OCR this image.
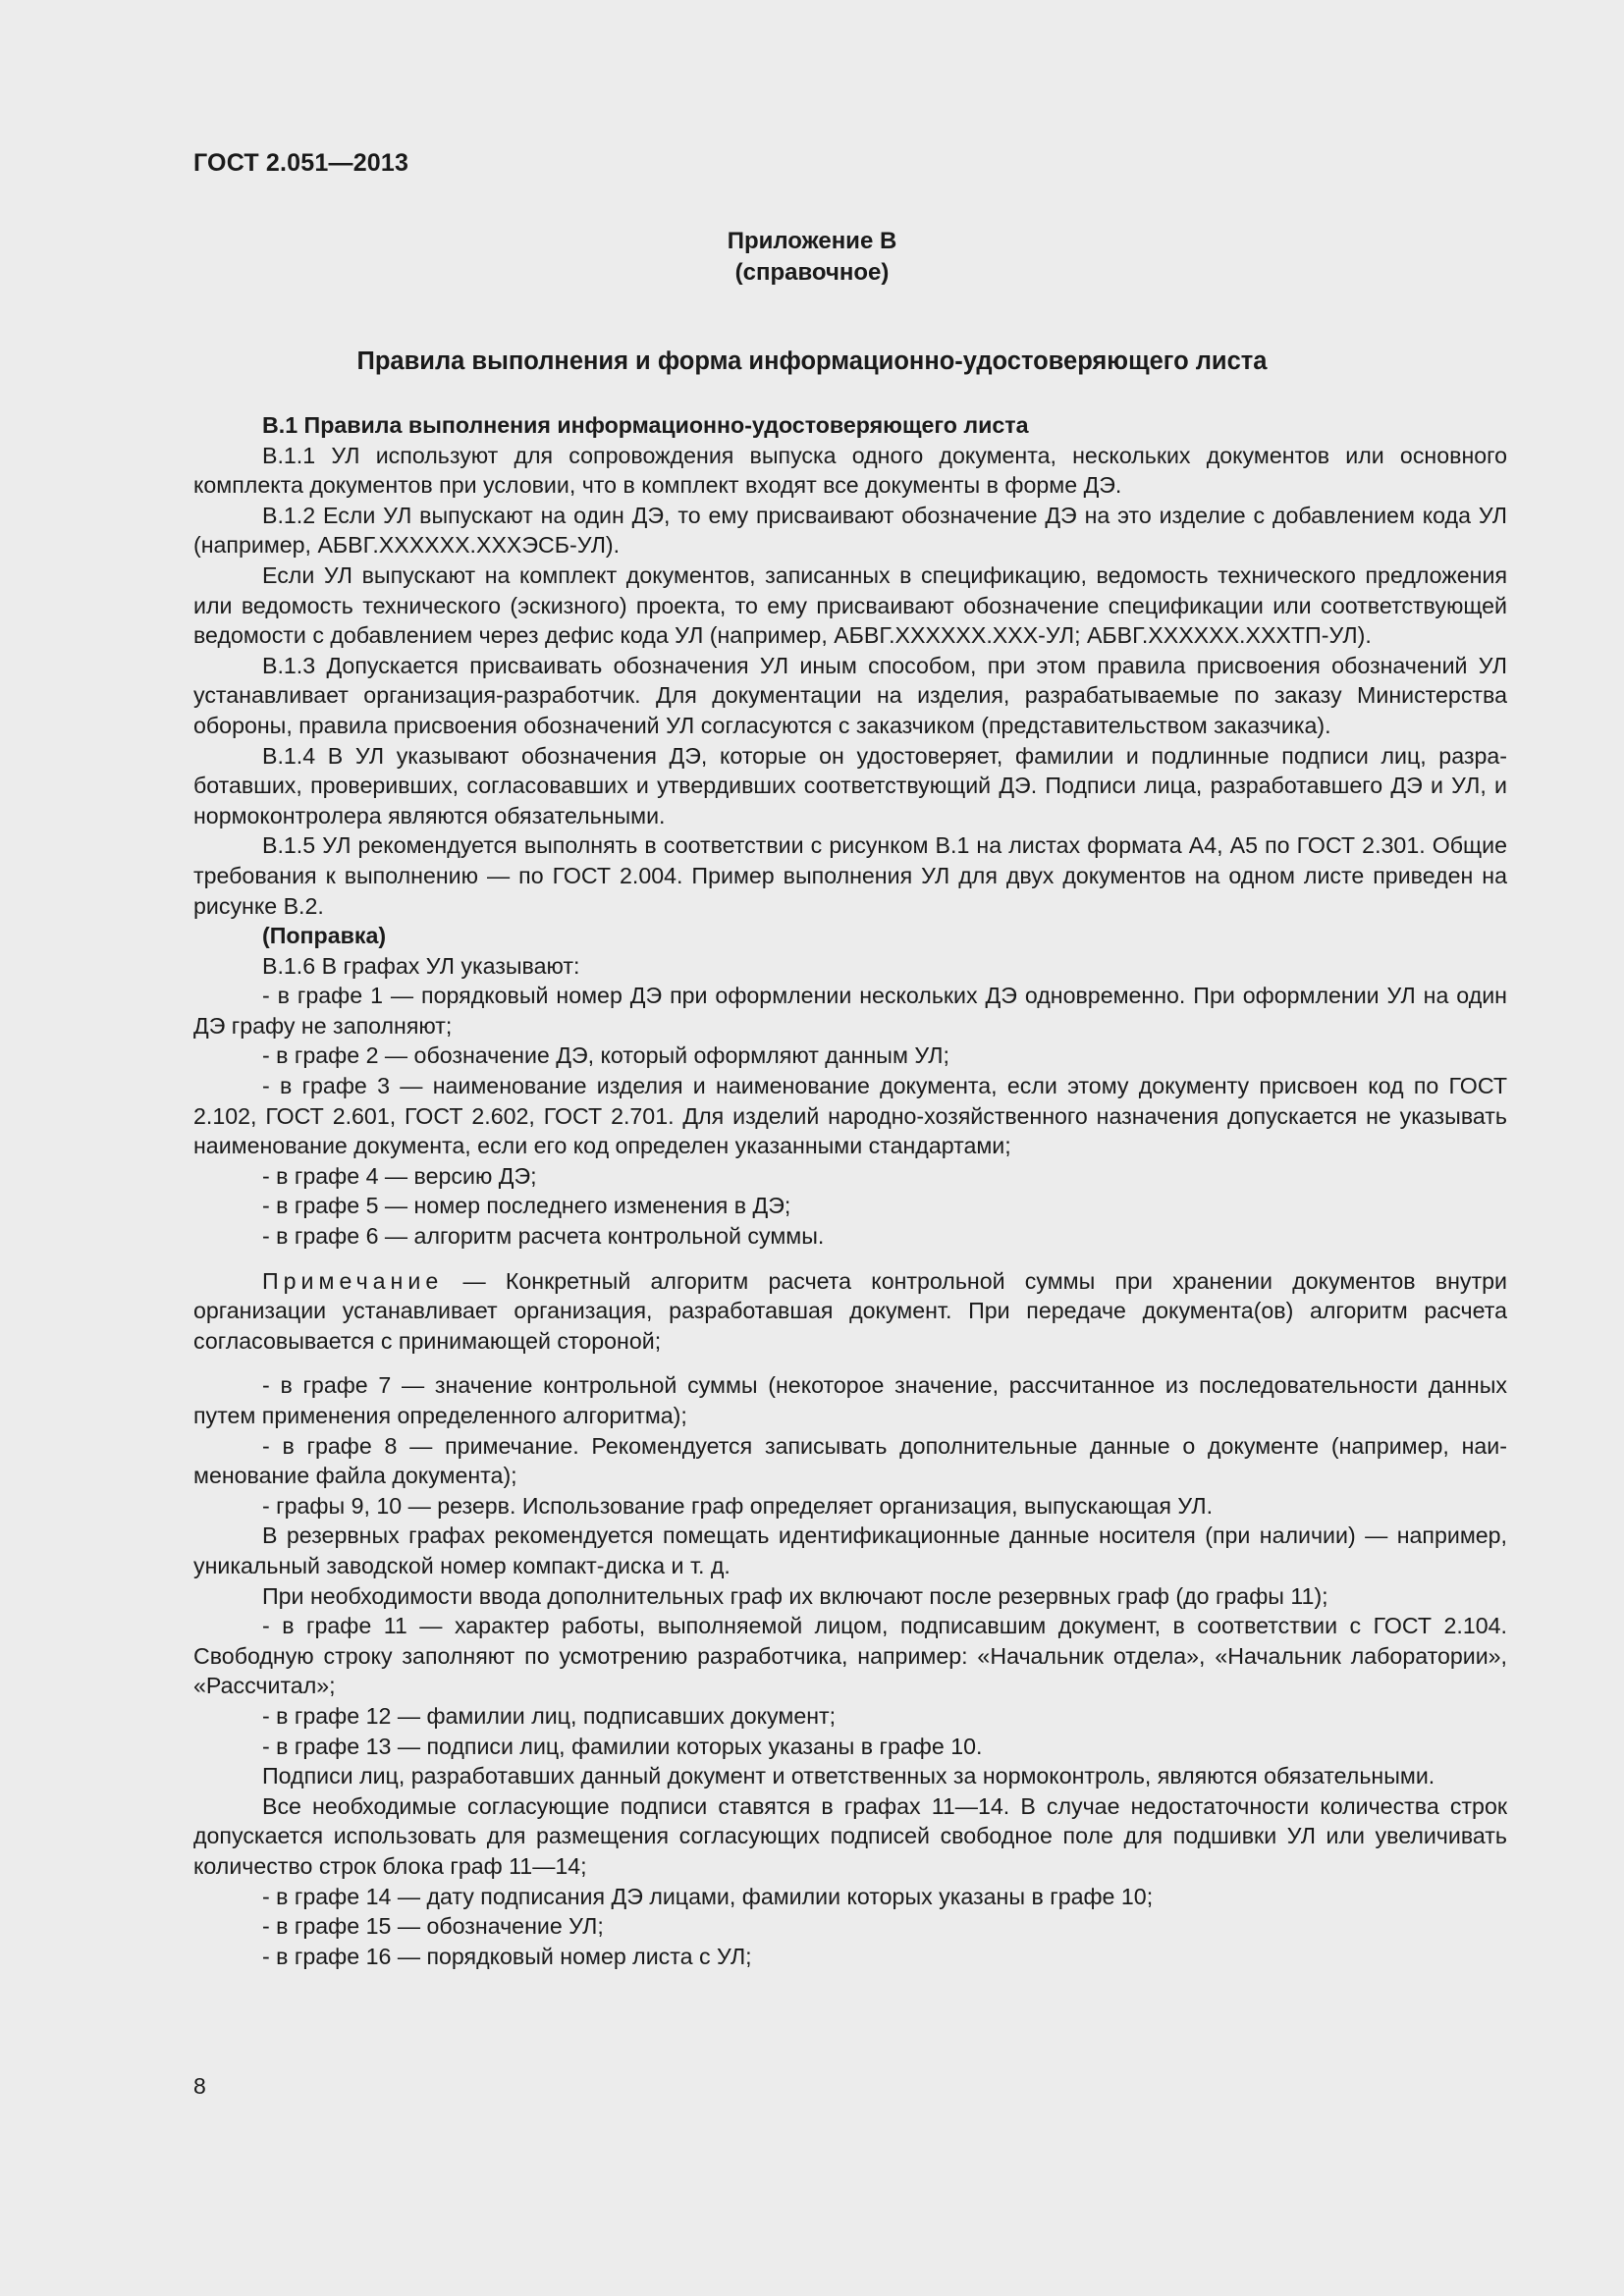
ГОСТ 2.051—2013
Приложение В
(справочное)
Правила выполнения и форма информационно-удостоверяющего листа

В.1 Правила выполнения информационно-удостоверяющего листа

В.1.1 УЛ используют для сопровождения выпуска одного документа, нескольких документов или основного комплекта документов при условии, что в комплект входят все документы в форме ДЭ.

В.1.2 Если УЛ выпускают на один ДЭ, то ему присваивают обозначение ДЭ на это изделие с добавлением кода УЛ (например, АБВГ.XXXXXX.XXXЭСБ-УЛ).

Если УЛ выпускают на комплект документов, записанных в спецификацию, ведомость технического предложения или ведомость технического (эскизного) проекта, то ему присваивают обозначение спецификации или соответствующей ведомости с добавлением через дефис кода УЛ (например, АБВГ.XXXXXX.XXX-УЛ; АБВГ.XXXXXX.XXXТП-УЛ).

В.1.3 Допускается присваивать обозначения УЛ иным способом, при этом правила присвоения обозначений УЛ устанавливает организация-разработчик. Для документации на изделия, разрабатываемые по заказу Министерства обороны, правила присвоения обозначений УЛ согласуются с заказчиком (представительством заказчика).

В.1.4 В УЛ указывают обозначения ДЭ, которые он удостоверяет, фамилии и подлинные подписи лиц, разработавших, проверивших, согласовавших и утвердивших соответствующий ДЭ. Подписи лица, разработавшего ДЭ и УЛ, и нормоконтролера являются обязательными.

В.1.5 УЛ рекомендуется выполнять в соответствии с рисунком В.1 на листах формата А4, А5 по ГОСТ 2.301. Общие требования к выполнению — по ГОСТ 2.004. Пример выполнения УЛ для двух документов на одном листе приведен на рисунке В.2.

(Поправка)

В.1.6 В графах УЛ указывают:

- в графе 1 — порядковый номер ДЭ при оформлении нескольких ДЭ одновременно. При оформлении УЛ на один ДЭ графу не заполняют;

- в графе 2 — обозначение ДЭ, который оформляют данным УЛ;

- в графе 3 — наименование изделия и наименование документа, если этому документу присвоен код по ГОСТ 2.102, ГОСТ 2.601, ГОСТ 2.602, ГОСТ 2.701. Для изделий народно-хозяйственного назначения допускается не указывать наименование документа, если его код определен указанными стандартами;

- в графе 4 — версию ДЭ;

- в графе 5 — номер последнего изменения в ДЭ;

- в графе 6 — алгоритм расчета контрольной суммы.

Примечание — Конкретный алгоритм расчета контрольной суммы при хранении документов внутри организации устанавливает организация, разработавшая документ. При передаче документа(ов) алгоритм расчета согласовывается с принимающей стороной;

- в графе 7 — значение контрольной суммы (некоторое значение, рассчитанное из последовательности данных путем применения определенного алгоритма);

- в графе 8 — примечание. Рекомендуется записывать дополнительные данные о документе (например, наименование файла документа);

- графы 9, 10 — резерв. Использование граф определяет организация, выпускающая УЛ.

В резервных графах рекомендуется помещать идентификационные данные носителя (при наличии) — например, уникальный заводской номер компакт-диска и т. д.

При необходимости ввода дополнительных граф их включают после резервных граф (до графы 11);

- в графе 11 — характер работы, выполняемой лицом, подписавшим документ, в соответствии с ГОСТ 2.104. Свободную строку заполняют по усмотрению разработчика, например: «Начальник отдела», «Начальник лаборатории», «Рассчитал»;

- в графе 12 — фамилии лиц, подписавших документ;

- в графе 13 — подписи лиц, фамилии которых указаны в графе 10.

Подписи лиц, разработавших данный документ и ответственных за нормоконтроль, являются обязательными.

Все необходимые согласующие подписи ставятся в графах 11—14. В случае недостаточности количества строк допускается использовать для размещения согласующих подписей свободное поле для подшивки УЛ или увеличивать количество строк блока граф 11—14;

- в графе 14 — дату подписания ДЭ лицами, фамилии которых указаны в графе 10;

- в графе 15 — обозначение УЛ;

- в графе 16 — порядковый номер листа с УЛ;

8
